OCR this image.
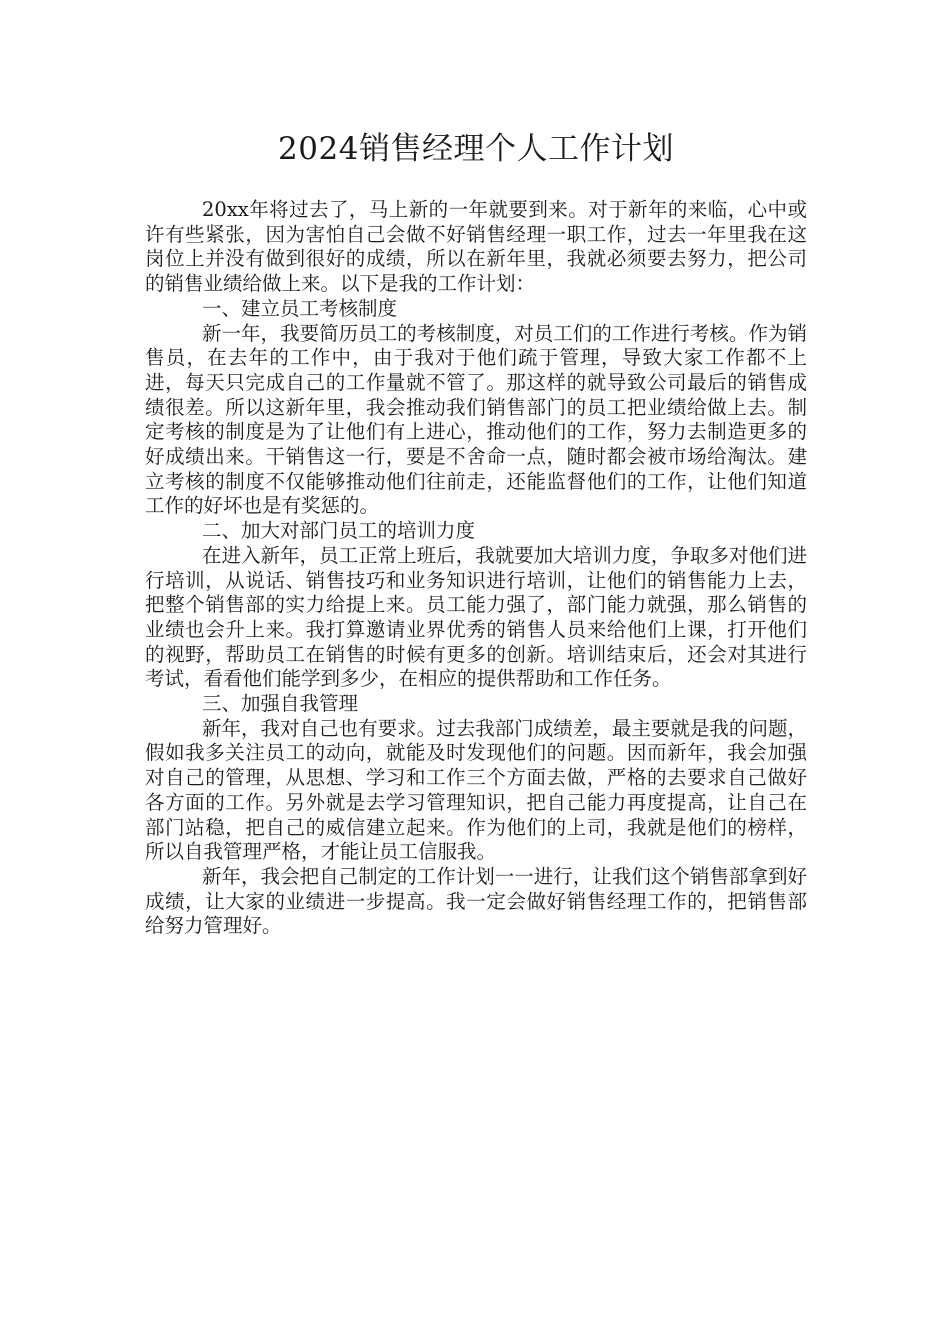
2024销售经理个人工作计划

20xx年将过去了，马上新的一年就要到来。对于新年的来临，心中或许有些紧张，因为害怕自己会做不好销售经理一职工作，过去一年里我在这岗位上并没有做到很好的成绩，所以在新年里，我就必须要去努力，把公司的销售业绩给做上来。以下是我的工作计划：

一、建立员工考核制度

新一年，我要简历员工的考核制度，对员工们的工作进行考核。作为销售员，在去年的工作中，由于我对于他们疏于管理，导致大家工作都不上进，每天只完成自己的工作量就不管了。那这样的就导致公司最后的销售成绩很差。所以这新年里，我会推动我们销售部门的员工把业绩给做上去。制定考核的制度是为了让他们有上进心，推动他们的工作，努力去制造更多的好成绩出来。干销售这一行，要是不舍命一点，随时都会被市场给淘汰。建立考核的制度不仅能够推动他们往前走，还能监督他们的工作，让他们知道工作的好坏也是有奖惩的。

二、加大对部门员工的培训力度

在进入新年，员工正常上班后，我就要加大培训力度，争取多对他们进行培训，从说话、销售技巧和业务知识进行培训，让他们的销售能力上去，把整个销售部的实力给提上来。员工能力强了，部门能力就强，那么销售的业绩也会升上来。我打算邀请业界优秀的销售人员来给他们上课，打开他们的视野，帮助员工在销售的时候有更多的创新。培训结束后，还会对其进行考试，看看他们能学到多少，在相应的提供帮助和工作任务。

三、加强自我管理

新年，我对自己也有要求。过去我部门成绩差，最主要就是我的问题，假如我多关注员工的动向，就能及时发现他们的问题。因而新年，我会加强对自己的管理，从思想、学习和工作三个方面去做，严格的去要求自己做好各方面的工作。另外就是去学习管理知识，把自己能力再度提高，让自己在部门站稳，把自己的威信建立起来。作为他们的上司，我就是他们的榜样，所以自我管理严格，才能让员工信服我。

新年，我会把自己制定的工作计划一一进行，让我们这个销售部拿到好成绩，让大家的业绩进一步提高。我一定会做好销售经理工作的，把销售部给努力管理好。
